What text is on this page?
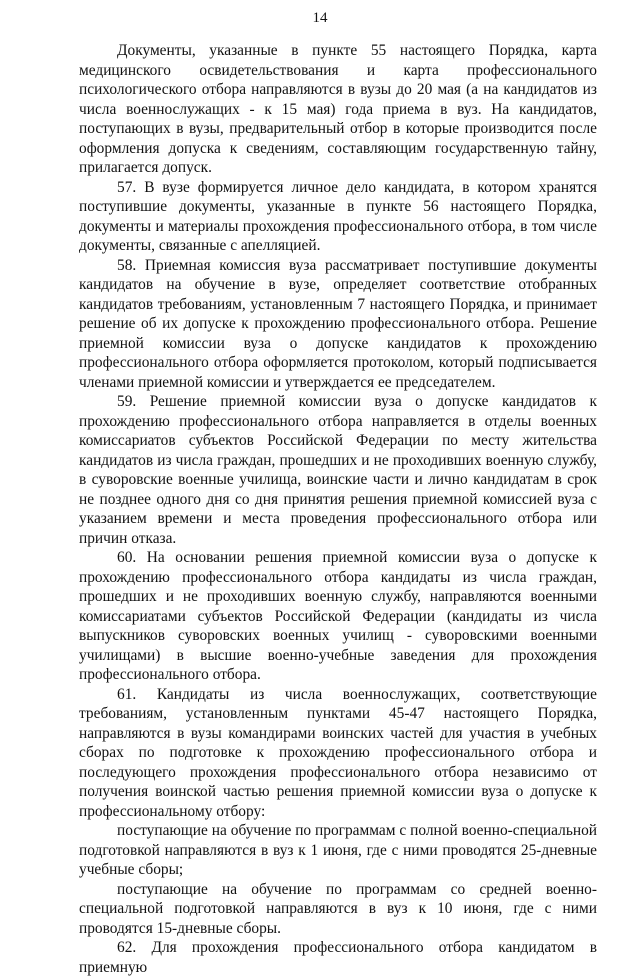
14

Документы, указанные в пункте 55 настоящего Порядка, карта медицинского освидетельствования и карта профессионального психологического отбора направляются в вузы до 20 мая (а на кандидатов из числа военнослужащих - к 15 мая) года приема в вуз. На кандидатов, поступающих в вузы, предварительный отбор в которые производится после оформления допуска к сведениям, составляющим государственную тайну, прилагается допуск.

57. В вузе формируется личное дело кандидата, в котором хранятся поступившие документы, указанные в пункте 56 настоящего Порядка, документы и материалы прохождения профессионального отбора, в том числе документы, связанные с апелляцией.

58. Приемная комиссия вуза рассматривает поступившие документы кандидатов на обучение в вузе, определяет соответствие отобранных кандидатов требованиям, установленным 7 настоящего Порядка, и принимает решение об их допуске к прохождению профессионального отбора. Решение приемной комиссии вуза о допуске кандидатов к прохождению профессионального отбора оформляется протоколом, который подписывается членами приемной комиссии и утверждается ее председателем.

59. Решение приемной комиссии вуза о допуске кандидатов к прохождению профессионального отбора направляется в отделы военных комиссариатов субъектов Российской Федерации по месту жительства кандидатов из числа граждан, прошедших и не проходивших военную службу, в суворовские военные училища, воинские части и лично кандидатам в срок не позднее одного дня со дня принятия решения приемной комиссией вуза с указанием времени и места проведения профессионального отбора или причин отказа.

60. На основании решения приемной комиссии вуза о допуске к прохождению профессионального отбора кандидаты из числа граждан, прошедших и не проходивших военную службу, направляются военными комиссариатами субъектов Российской Федерации (кандидаты из числа выпускников суворовских военных училищ - суворовскими военными училищами) в высшие военно-учебные заведения для прохождения профессионального отбора.

61. Кандидаты из числа военнослужащих, соответствующие требованиям, установленным пунктами 45-47 настоящего Порядка, направляются в вузы командирами воинских частей для участия в учебных сборах по подготовке к прохождению профессионального отбора и последующего прохождения профессионального отбора независимо от получения воинской частью решения приемной комиссии вуза о допуске к профессиональному отбору:

поступающие на обучение по программам с полной военно-специальной подготовкой направляются в вуз к 1 июня, где с ними проводятся 25-дневные учебные сборы;

поступающие на обучение по программам со средней военно-специальной подготовкой направляются в вуз к 10 июня, где с ними проводятся 15-дневные сборы.

62. Для прохождения профессионального отбора кандидатом в приемную
